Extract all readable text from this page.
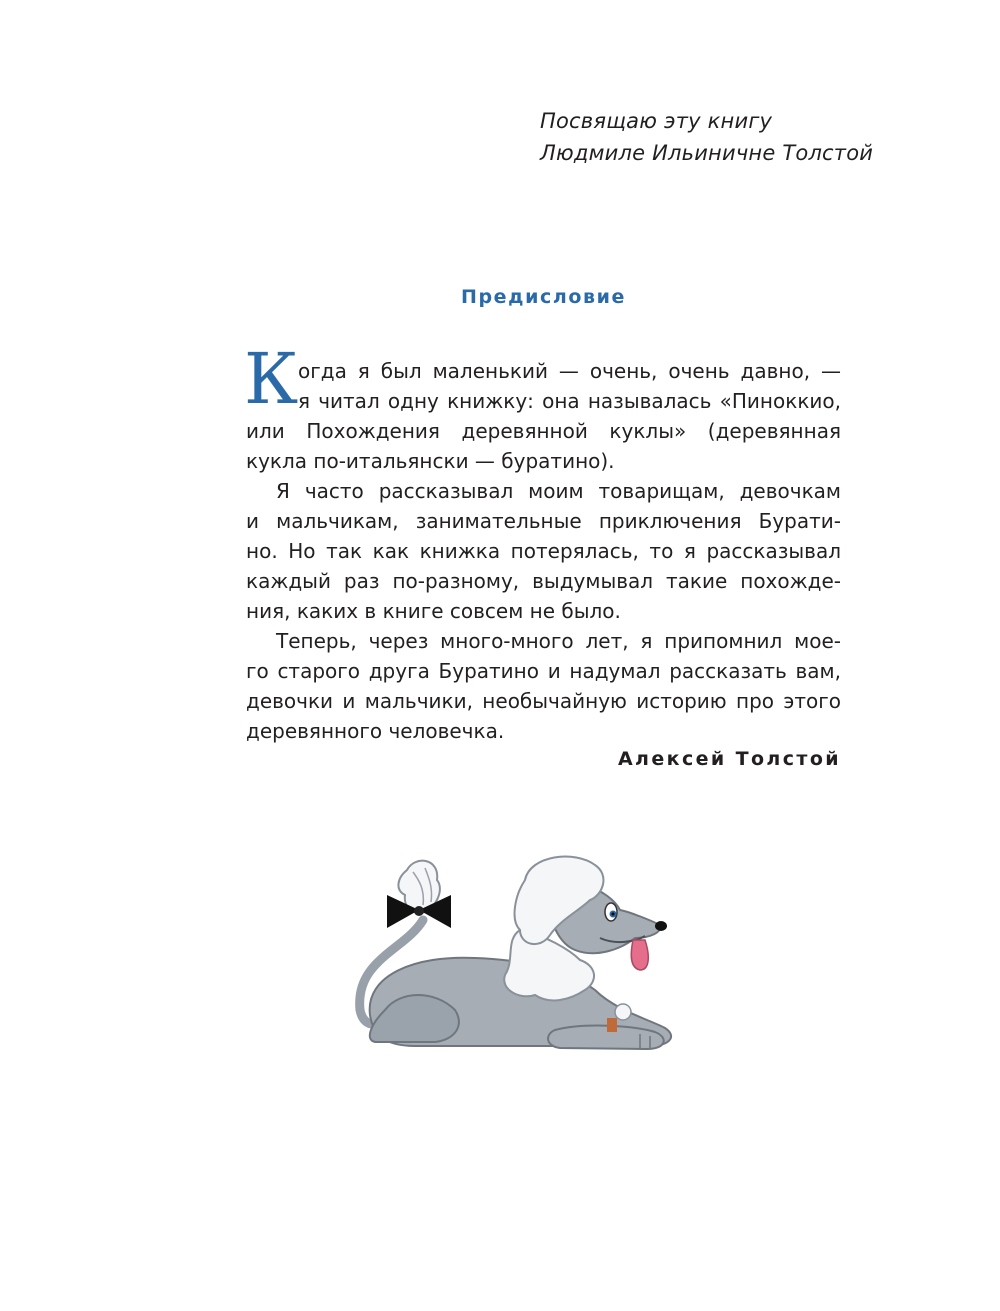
Посвящаю эту книгу
Людмиле Ильиничне Толстой
Предисловие
К огда я был маленький — очень, очень давно, —
я читал одну книжку: она называлась «Пиноккио,
или Похождения деревянной куклы» (деревянная
кукла по-итальянски — буратино).
Я часто рассказывал моим товарищам, девочкам
и мальчикам, занимательные приключения Бурати-
но. Но так как книжка потерялась, то я рассказывал
каждый раз по-разному, выдумывал такие похожде-
ния, каких в книге совсем не было.
Теперь, через много-много лет, я припомнил мое-
го старого друга Буратино и надумал рассказать вам,
девочки и мальчики, необычайную историю про этого
деревянного человечка.
Алексей Толстой
